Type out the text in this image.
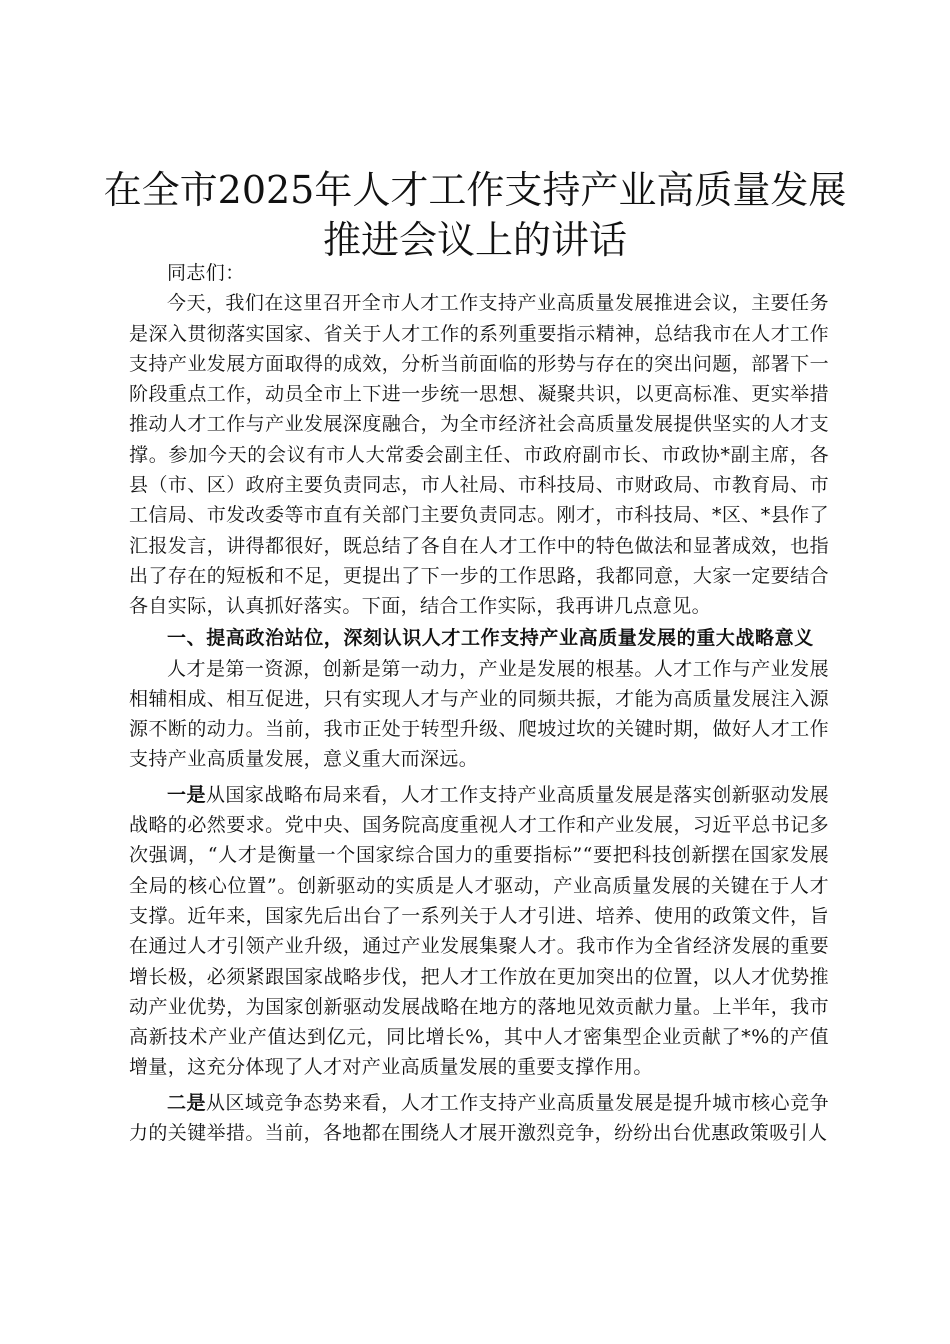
在全市2025年人才工作支持产业高质量发展
推进会议上的讲话

同志们：

今天，我们在这里召开全市人才工作支持产业高质量发展推进会议，主要任务是深入贯彻落实国家、省关于人才工作的系列重要指示精神，总结我市在人才工作支持产业发展方面取得的成效，分析当前面临的形势与存在的突出问题，部署下一阶段重点工作，动员全市上下进一步统一思想、凝聚共识，以更高标准、更实举措推动人才工作与产业发展深度融合，为全市经济社会高质量发展提供坚实的人才支撑。参加今天的会议有市人大常委会副主任、市政府副市长、市政协*副主席，各县（市、区）政府主要负责同志，市人社局、市科技局、市财政局、市教育局、市工信局、市发改委等市直有关部门主要负责同志。刚才，市科技局、*区、*县作了汇报发言，讲得都很好，既总结了各自在人才工作中的特色做法和显著成效，也指出了存在的短板和不足，更提出了下一步的工作思路，我都同意，大家一定要结合各自实际，认真抓好落实。下面，结合工作实际，我再讲几点意见。

一、提高政治站位，深刻认识人才工作支持产业高质量发展的重大战略意义

人才是第一资源，创新是第一动力，产业是发展的根基。人才工作与产业发展相辅相成、相互促进，只有实现人才与产业的同频共振，才能为高质量发展注入源源不断的动力。当前，我市正处于转型升级、爬坡过坎的关键时期，做好人才工作支持产业高质量发展，意义重大而深远。

一是从国家战略布局来看，人才工作支持产业高质量发展是落实创新驱动发展战略的必然要求。党中央、国务院高度重视人才工作和产业发展，习近平总书记多次强调，“人才是衡量一个国家综合国力的重要指标”“要把科技创新摆在国家发展全局的核心位置”。创新驱动的实质是人才驱动，产业高质量发展的关键在于人才支撑。近年来，国家先后出台了一系列关于人才引进、培养、使用的政策文件，旨在通过人才引领产业升级，通过产业发展集聚人才。我市作为全省经济发展的重要增长极，必须紧跟国家战略步伐，把人才工作放在更加突出的位置，以人才优势推动产业优势，为国家创新驱动发展战略在地方的落地见效贡献力量。上半年，我市高新技术产业产值达到亿元，同比增长%，其中人才密集型企业贡献了*%的产值增量，这充分体现了人才对产业高质量发展的重要支撑作用。

二是从区域竞争态势来看，人才工作支持产业高质量发展是提升城市核心竞争力的关键举措。当前，各地都在围绕人才展开激烈竞争，纷纷出台优惠政策吸引人
